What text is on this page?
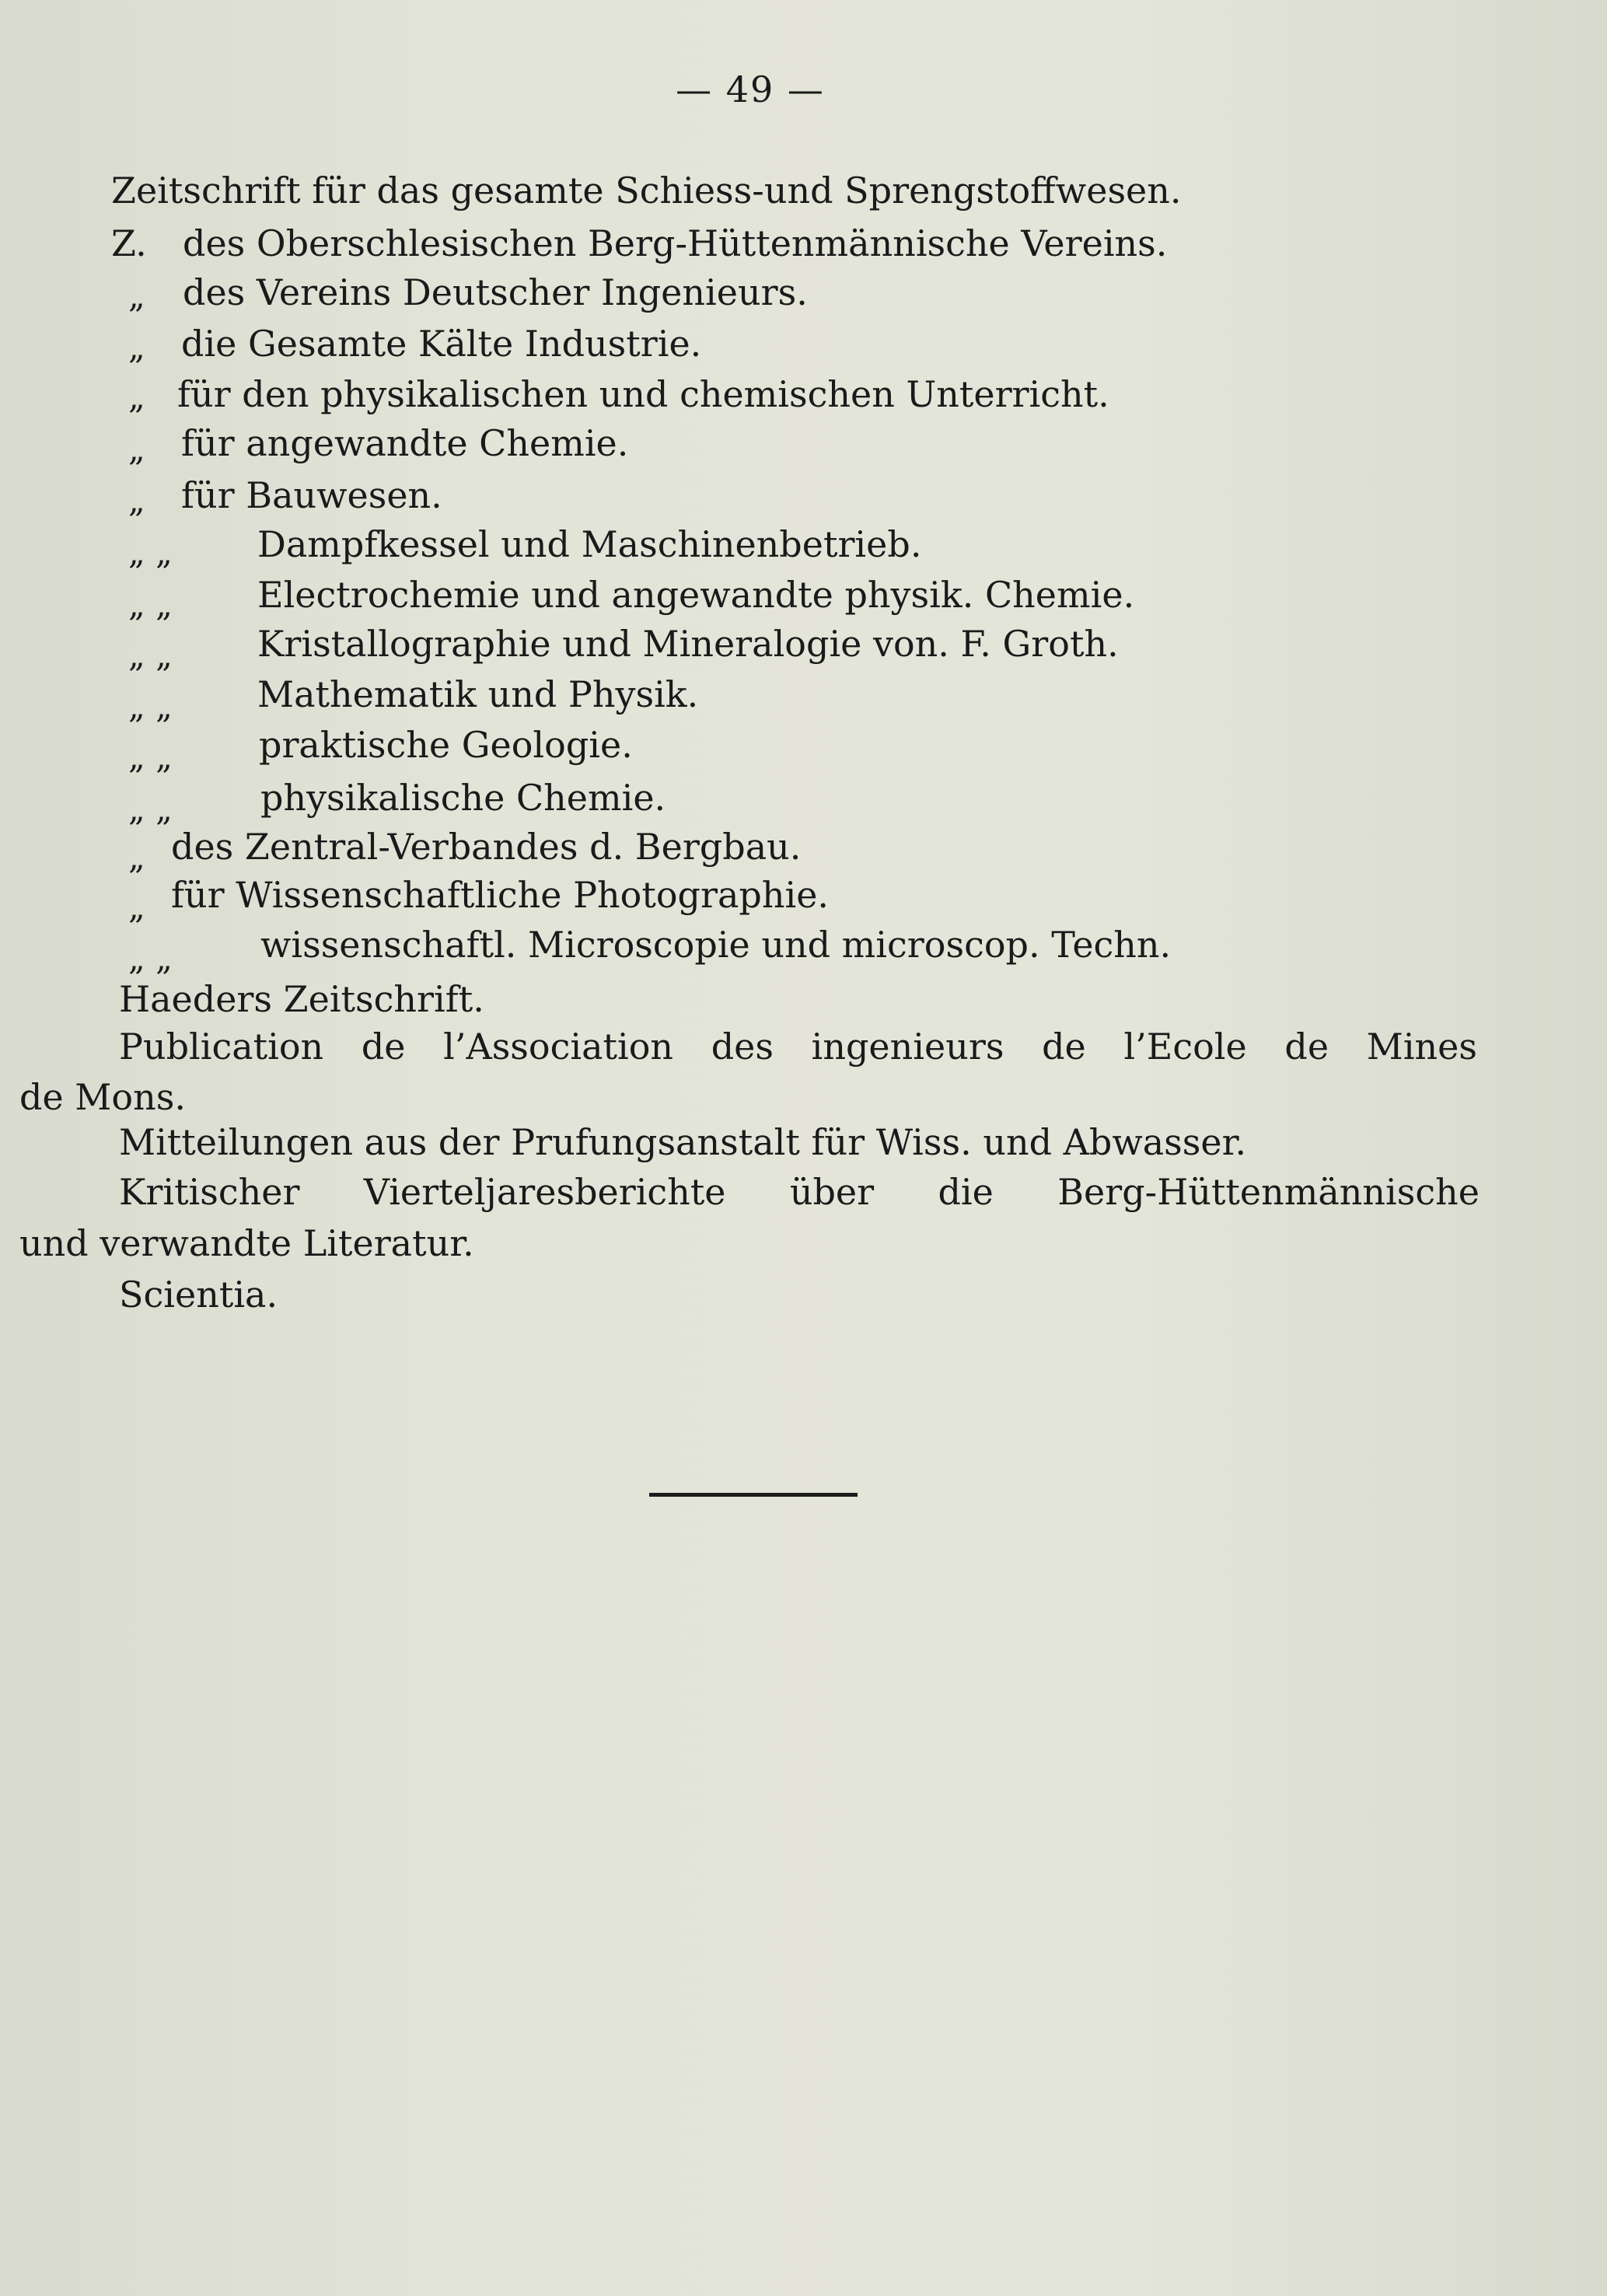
— 49 —
Zeitschrift für das gesamte Schiess-und Sprengstoffwesen.
Z. des Oberschlesischen Berg-Hüttenmännische Vereins.
„ des Vereins Deutscher Ingenieurs.
„ die Gesamte Kälte Industrie.
„ für den physikalischen und chemischen Unterricht.
„ für angewandte Chemie.
„ für Bauwesen.
„ „ Dampfkessel und Maschinenbetrieb.
„ „ Electrochemie und angewandte physik. Chemie.
„ „ Kristallographie und Mineralogie von. F. Groth.
„ „ Mathematik und Physik.
„ „ praktische Geologie.
„ „ physikalische Chemie.
„ des Zentral-Verbandes d. Bergbau.
„ für Wissenschaftliche Photographie.
„ „ wissenschaftl. Microscopie und microscop. Techn.
Haeders Zeitschrift.
Publication de l’Association des ingenieurs de l’Ecole de Mines
de Mons.
Mitteilungen aus der Prufungsanstalt für Wiss. und Abwasser.
Kritischer Vierteljaresberichte über die Berg-Hüttenmännische
und verwandte Literatur.
Scientia.
